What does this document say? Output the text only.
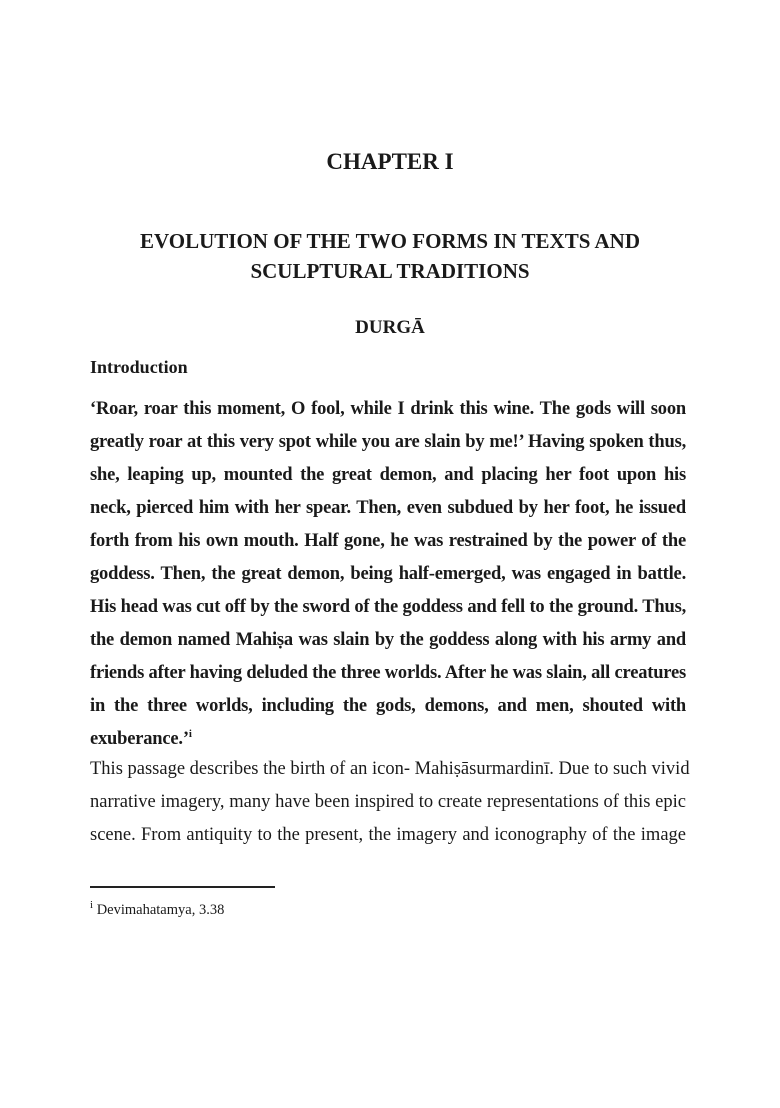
CHAPTER I
EVOLUTION OF THE TWO FORMS IN TEXTS AND
SCULPTURAL TRADITIONS
DURGĀ
Introduction
‘Roar, roar this moment, O fool, while I drink this wine. The gods will soon
greatly roar at this very spot while you are slain by me!’ Having spoken thus,
she, leaping up, mounted the great demon, and placing her foot upon his
neck, pierced him with her spear. Then, even subdued by her foot, he issued
forth from his own mouth. Half gone, he was restrained by the power of the
goddess. Then, the great demon, being half-emerged, was engaged in battle.
His head was cut off by the sword of the goddess and fell to the ground. Thus,
the demon named Mahiṣa was slain by the goddess along with his army and
friends after having deluded the three worlds. After he was slain, all creatures
in the three worlds, including the gods, demons, and men, shouted with
exuberance.’$^i$
This passage describes the birth of an icon- Mahiṣāsurmardinī. Due to such vivid
narrative imagery, many have been inspired to create representations of this epic
scene. From antiquity to the present, the imagery and iconography of the image
$^i$ Devimahatamya, 3.38
